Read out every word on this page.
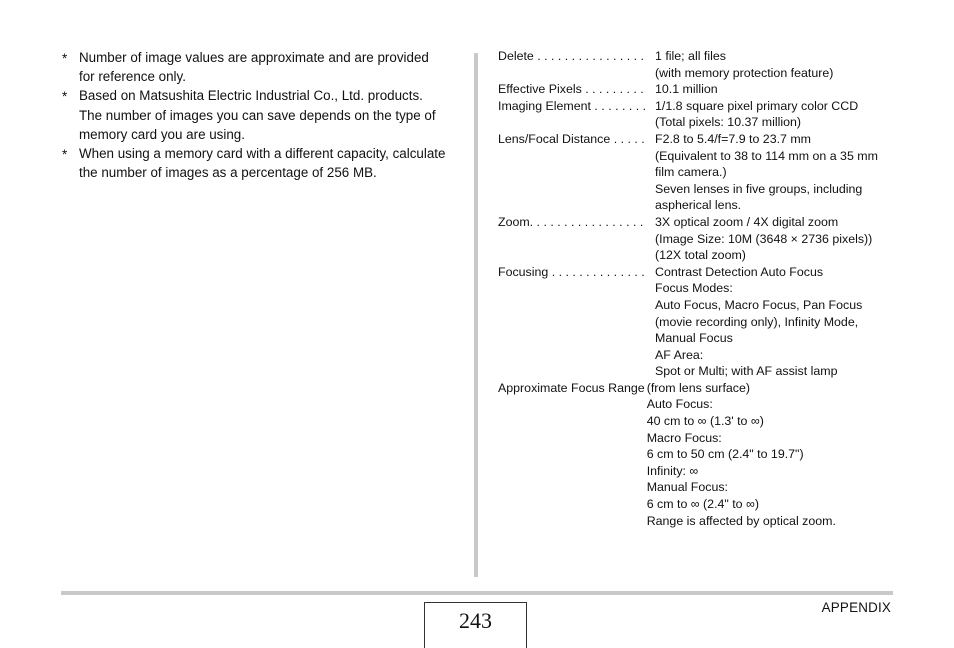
* Number of image values are approximate and are provided
for reference only.
* Based on Matsushita Electric Industrial Co., Ltd. products.
The number of images you can save depends on the type of
memory card you are using.
* When using a memory card with a different capacity, calculate
the number of images as a percentage of 256 MB.
Delete . . . . . . . . . . . . . . . . 1 file; all files
(with memory protection feature)
Effective Pixels . . . . . . . . . 10.1 million
Imaging Element . . . . . . . . 1/1.8 square pixel primary color CCD
(Total pixels: 10.37 million)
Lens/Focal Distance . . . . . F2.8 to 5.4/f=7.9 to 23.7 mm
(Equivalent to 38 to 114 mm on a 35 mm
film camera.)
Seven lenses in five groups, including
aspherical lens.
Zoom. . . . . . . . . . . . . . . . . 3X optical zoom / 4X digital zoom
(Image Size: 10M (3648 × 2736 pixels))
(12X total zoom)
Focusing . . . . . . . . . . . . . . Contrast Detection Auto Focus
Focus Modes:
Auto Focus, Macro Focus, Pan Focus
(movie recording only), Infinity Mode,
Manual Focus
AF Area:
Spot or Multi; with AF assist lamp
Approximate Focus Range (from lens surface)
Auto Focus:
40 cm to ∞ (1.3' to ∞)
Macro Focus:
6 cm to 50 cm (2.4" to 19.7")
Infinity: ∞
Manual Focus:
6 cm to ∞ (2.4" to ∞)
Range is affected by optical zoom.
APPENDIX
243
